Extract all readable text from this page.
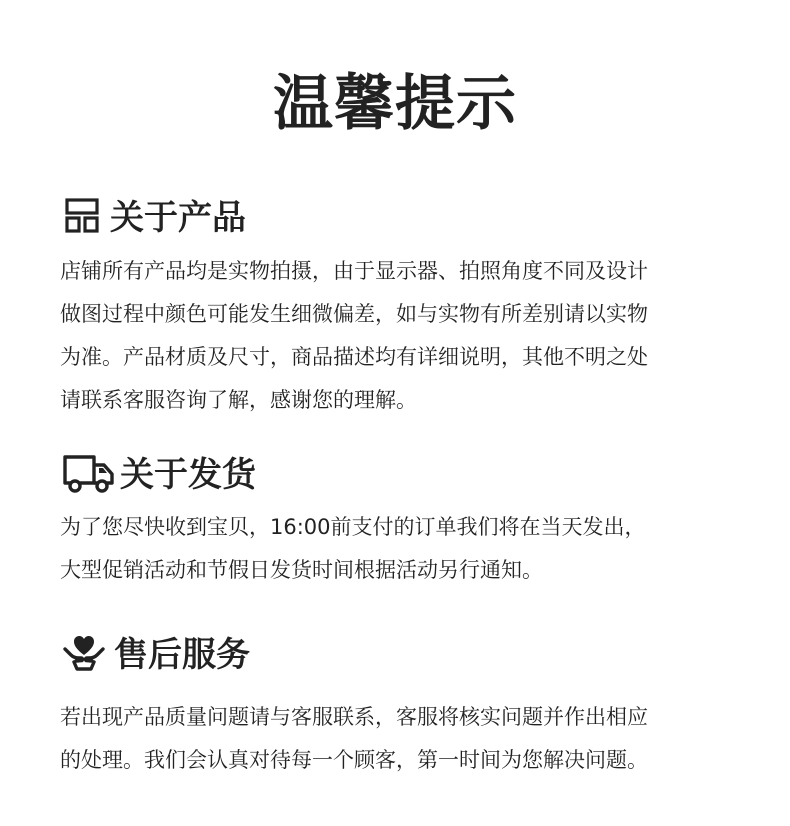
温馨提示
关于产品

店铺所有产品均是实物拍摄，由于显示器、拍照角度不同及设计
做图过程中颜色可能发生细微偏差，如与实物有所差别请以实物
为准。产品材质及尺寸，商品描述均有详细说明，其他不明之处
请联系客服咨询了解，感谢您的理解。

关于发货

为了您尽快收到宝贝，16:00前支付的订单我们将在当天发出，
大型促销活动和节假日发货时间根据活动另行通知。

售后服务

若出现产品质量问题请与客服联系，客服将核实问题并作出相应
的处理。我们会认真对待每一个顾客，第一时间为您解决问题。
